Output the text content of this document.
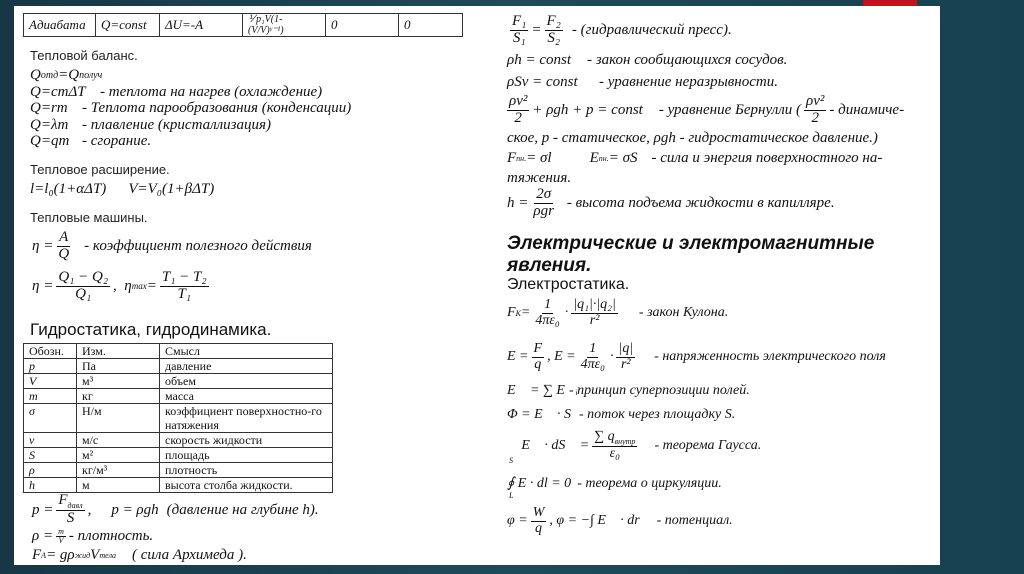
Адиабата	Q=const	ΔU=-A	⅟ p₁V(1- (V/V)ᵞ⁻¹)	0	0
Тепловой баланс.
Q отд =Q получ
Q=cmΔT - теплота на нагрев (охлаждение)
Q=rm - Теплота парообразования (конденсации)
Q=λm - плавление (кристаллизация)
Q=qm - сгорание.
Тепловое расширение.
l=l₀(1+αΔT) V=V₀(1+βΔT)
Тепловые машины.
$\eta = \frac{A}{Q}$ - коэффициент полезного действия
$\eta = \frac{\text{Q₁ − Q₂}}{\text{Q₁}}$ , η $\max = \frac{\text{T₁ − T₂}}{\text{T₁}}$
Гидростатика, гидродинамика.
Обозн.	Изм.	Смысл
p	Па	давление
V	м³	объем
m	кг	масса
σ	Н/м	коэффициент поверхностно-го натяжения
v	м/с	скорость жидкости
S	м²	площадь
ρ	кг/м³	плотность
h	м	высота столба жидкости.
$p = \frac{F_{давл}}{S}$ , p = ρgh (давление на глубине h).
$\rho = \frac{m}{V}$ - плотность.
F A = gρ жид V тела ( сила Архимеда ).
$\frac{\text{F₁}}{\text{S₁}} = \frac{\text{F₂}}{\text{S₂}}$ - (гидравлический пресс).
ρh = const	- закон сообщающихся сосудов.
ρSv = const	- уравнение неразрывности.
$\frac{\text{ρv²}}{2} + \rho gh + p$ = const - уравнение Бернулли ( $\frac{\text{ρv²}}{2}$ - динамиче-
ское, p - статическое, ρgh - гидростатическое давление.)
F пн. = σl	E пн. = σS - сила и энергия поверхностного на-
тяжения.
$h = \frac{2\sigma}{\text{ρgr}}$ - высота подъема жидкости в капилляре.
Электрические и электромагнитные
явления.
Электростатика.
F $K = \frac{1}{\text{4πε₀}} \cdot \frac{\text{|q₁|·|q₂|}}{\text{r²}}$ - закон Кулона.
$E = \frac{F}{q}$ , $E = \frac{1}{\text{4πε₀}} \cdot \frac{|q|}{\text{r²}}$ - напряженность электрического поля
E⃗ = ∑ E⃗ᵢ
- принцип суперпозиции полей.
Φ = E⃗ · S⃗
- поток через площадку S.
∮ E⃗ · dS⃗ =
S	$\frac{\sum q_{внутр}}{\text{ε₀}}$ - теорема Гаусса.
∮ E · dl = 0
L
- теорема о циркуляции.
$\varphi = \frac{W}{q}$ , φ = −∫ E⃗ · dr⃗ - потенциал.
